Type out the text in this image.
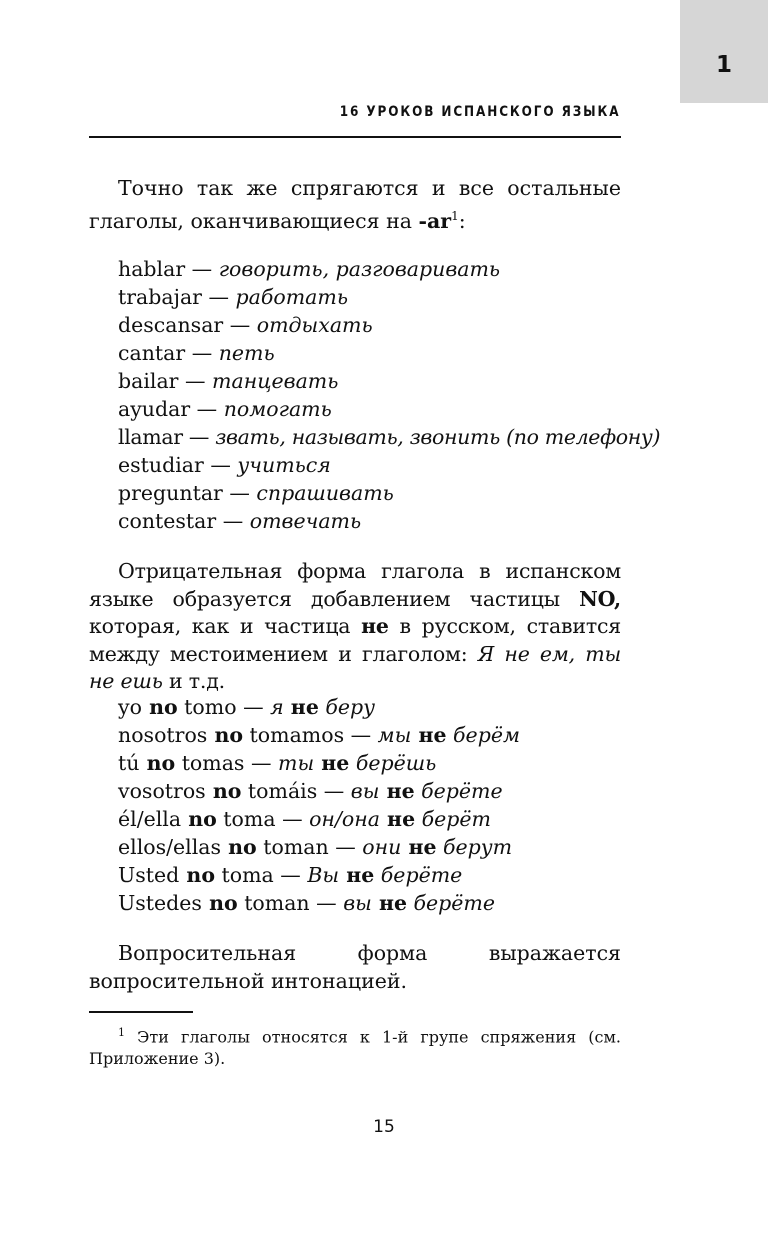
1
16 УРОКОВ ИСПАНСКОГО ЯЗЫКА
Точно так же спрягаются и все остальные глаголы, оканчивающиеся на $-ar^1$:
hablar — говорить, разговаривать
trabajar — работать
descansar — отдыхать
cantar — петь
bailar — танцевать
ayudar — помогать
llamar — звать, называть, звонить (по телефону)
estudiar — учиться
preguntar — спрашивать
contestar — отвечать
Отрицательная форма глагола в испанском языке образуется добавлением частицы NO, которая, как и частица не в русском, ставится между местоимением и глаголом: Я не ем, ты не ешь и т.д.
yo no tomo — я не беру
nosotros no tomamos — мы не берём
tú no tomas — ты не берёшь
vosotros no tomáis — вы не берёте
él/ella no toma — он/она не берёт
ellos/ellas no toman — они не берут
Usted no toma — Вы не берёте
Ustedes no toman — вы не берёте
Вопросительная форма выражается вопросительной интонацией.
$^1$ Эти глаголы относятся к 1-й групе спряжения (см. Приложение 3).
15
